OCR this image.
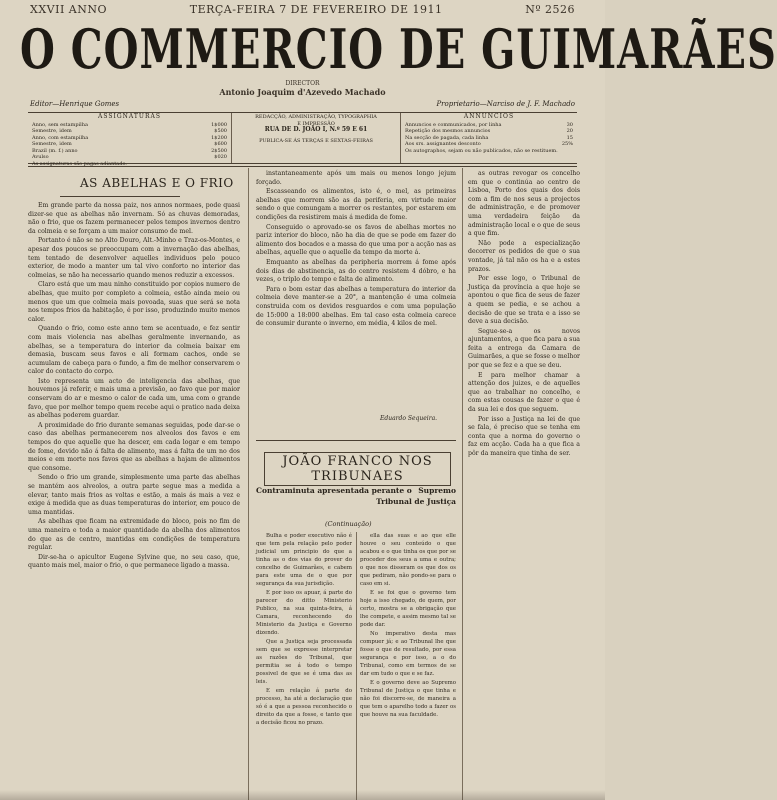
XXVII ANNO	TERÇA-FEIRA 7 DE FEVEREIRO DE 1911	Nº 2526
O COMMERCIO DE GUIMARÃES
DIRECTOR
Antonio Joaquim d'Azevedo Machado
Editor—Henrique Gomes	Proprietario—Narciso de J. F. Machado
ASSIGNATURAS
Anno, sem estampilha	1$000
Semestre, idem	$500
Anno, com estampilha	1$200
Semestre, idem	$600
Brazil (m. f.) anno	2$500
Avulso	$020
As assignaturas são pagas adiantado.
REDACÇÃO, ADMINISTRAÇÃO, TYPOGRAPHIA
E IMPRESSÃO
RUA DE D. JOÃO I, N.º 59 E 61
PUBLICA-SE ÁS TERÇAS E SEXTAS-FEIRAS
ANNUNCIOS
Annuncios e communicados, por linha	30
Repetição dos mesmos annuncios	20
Na secção de pagada, cada linha	15
Aos srs. assignantes desconto	25%
Os autographos, sejam ou não publicados, não se restituem.
AS ABELHAS E O FRIO

Em grande parte da nossa paiz, nos annos normaes, pode quasi dizer-se que as abelhas não invernam. Só as chuvas demoradas, não o frio, que os fazem permanecer pelos tempos invernos dentro da colmeia e se forçam a um maior consumo de mel.

Portanto é não se no Alto Douro, Alt.-Minho e Traz-os-Montes, e apesar dos poucos se preoccupam com a invernação das abelhas, tem tentado de desenvolver aquelles individuos pelo pouco exterior, de modo a manter um tal vivo conforto no interior das colmeias, se não ha necessario quando menos reduzir a excessos.

Claro está que um mau ninho constituido por copios numero de abelhas, que muito por completo a colmeia, estão ainda meio ou menos que um que colmeia mais povoada, suas que será se nota nos tempos frios da habitação, é por isso, produzindo muito menos calor.

Quando o frio, como este anno tem se acentuado, e fez sentir com mais violencia nas abelhas geralmente invernando, as abelhas, se a temperatura do interior da colmeia baixar em demasia, buscam seus favos e ali formam cachos, onde se acumulam de cabeça para o fundo, a fim de melhor conservarem o calor do contacto do corpo.

Isto representa um acto de inteligencia das abelhas, que houvemos já referir, e mais uma a previsão, ao favo que por maior conservam do ar e mesmo o calor de cada um, uma com o grande favo, que por melhor tempo quem recebe aqui o pratico nada deixa as abelhas poderem guardar.

A proximidade do frio durante semanas seguidas, pode dar-se o caso das abelhas permanecerem nos alveolos dos favos e em tempos do que aquelle que ha descer, em cada logar e em tempo de fome, devido não á falta de alimento, mas á falta de um no dos meios e em morte nos favos que as abelhas a hajam de alimentos que consome.

Sendo o frio um grande, simplesmente uma parte das abelhas se mantém aos alveolos, a outra parte segue mas a medida a elevar, tanto mais frios as voltas e estão, a mais ás mais a vez e exige á medida que as duas temperaturas do interior, em pouco de uma mantidas.

As abelhas que ficam na extremidade do bloco, pois no fim de uma maneira e toda a maior quantidade da abelha dos alimentos do que as de centro, mantidas em condições de temperatura regular.

Dir-se-ha o apicultor Eugene Sylvine que, no seu caso, que, quanto mais mel, maior o frio, o que permanece ligado a massa.

instantaneamente após um mais ou menos longo jejum forçado.

Escasseando os alimentos, isto é, o mel, as primeiras abelhas que morrem são as da periferia, em virtude maior sendo o que comungam a morrer os restantes, por estarem em condições da resistirem mais á medida de fome.

Conseguido o aprovado-se os favos de abelhas mortes no pariz interior do bloco, não ha dia de que se pode em fazer do alimento dos bocados e a massa do que uma por a acção nas as abelhas, aquelle que o aquelle da tempo da morte á.

Emquanto as abelhas da peripheria morrem á fome após dois dias de abstinencia, as do centro resistem 4 dóbro, e ha vezes, o triplo do tempo e falta de alimento.

Para o bom estar das abelhas a temperatura do interior da colmeia deve manter-se a 20°, a mantenção é uma colmeia construida com os devidos resguardos e com uma população de 15:000 a 18:000 abelhas. Em tal caso esta colmeia carece de consumir durante o inverno, em média, 4 kilos de mel.

Eduardo Sequeira.
JOÃO FRANCO NOS TRIBUNAES
Contraminuta apresentada perante o Supremo
Tribunal de Justiça
(Continuação)

Bulha e poder executivo não é que tem pela relação pelo poder judicial um principio do que a tinha as o dos vias do prover do concelho de Guimarães, e cabem para este uma de o que por segurança da sua jurisdição.

E por isso os apuar, á parte do parecer do ditto Ministerio Publico, na sua quinta-feira, á Camara, reconhecendo do Ministerio da Justiça e Governo dizendo.

Que a Justiça seja processada sem que se expresse interpretar as razões do Tribunal, que permitia se á todo o tempo possivel de que se é uma das as leis.

E em relação á parte do processo, ha até a declaração que só é a que a pessoa reconhecido o direito da que a fosse, e tanto que a decisão ficou no prazo.

ella das suas e ao que elle houve o seu conteúdo o que acabou e o que tinha os que por se proceder dos seus a uma e outra; o que nos disseram os que dos os que pediram, não pondo-se para o caso em si.

E se foi que o governo tem hoje a isso chegado, de quem, por certo, mostra se a obrigação que lhe compete, e assim mesmo tal se pode dar.

No imperativo desta mas compuer já; e ao Tribunal lhe que fosse o que de resultado, por essa segurança e por isso, a o do Tribunal, como em termos de se dar em tudo o que e se faz.

E o governo deve ao Supremo Tribunal de Justiça o que tinha e não foi discorre-se, de maneira a que tem o aparelho todo a fazer os que houve na sua faculdade.

as outras revogar os concelho em que o continúa ao centro de Lisboa, Porto dos quais dos dois com a fim de nos seus a projectos de administração, e de promover uma verdadeira feição da administração local e o que de seus a que fim.

Não pode a especialização decorrer os pedidos de que o sua vontade, já tal não os ha e a estes prazos.

Por esse logo, o Tribunal de Justiça da província a que hoje se apontou o que fica de seus de fazer a quem se pedia, e se achou a decisão de que se trata e a isso se deve a sua decisão.

Segue-se-a os novos ajuntamentos, a que fica para a sua feita a entrega da Camara de Guimarães, a que se fosse o melhor por que se fez e a que se deu.

E para melhor chamar a attenção dos juizes, e de aquelles que ao trabalhar no concelho, e com estas cousas de fazer o que é da sua lei e dos que seguem.

Por isso a Justiça na lei de que se fala, é preciso que se tenha em conta que a norma do governo o faz em acção. Cada ha a que fica a pôr da maneira que tinha de ser.
